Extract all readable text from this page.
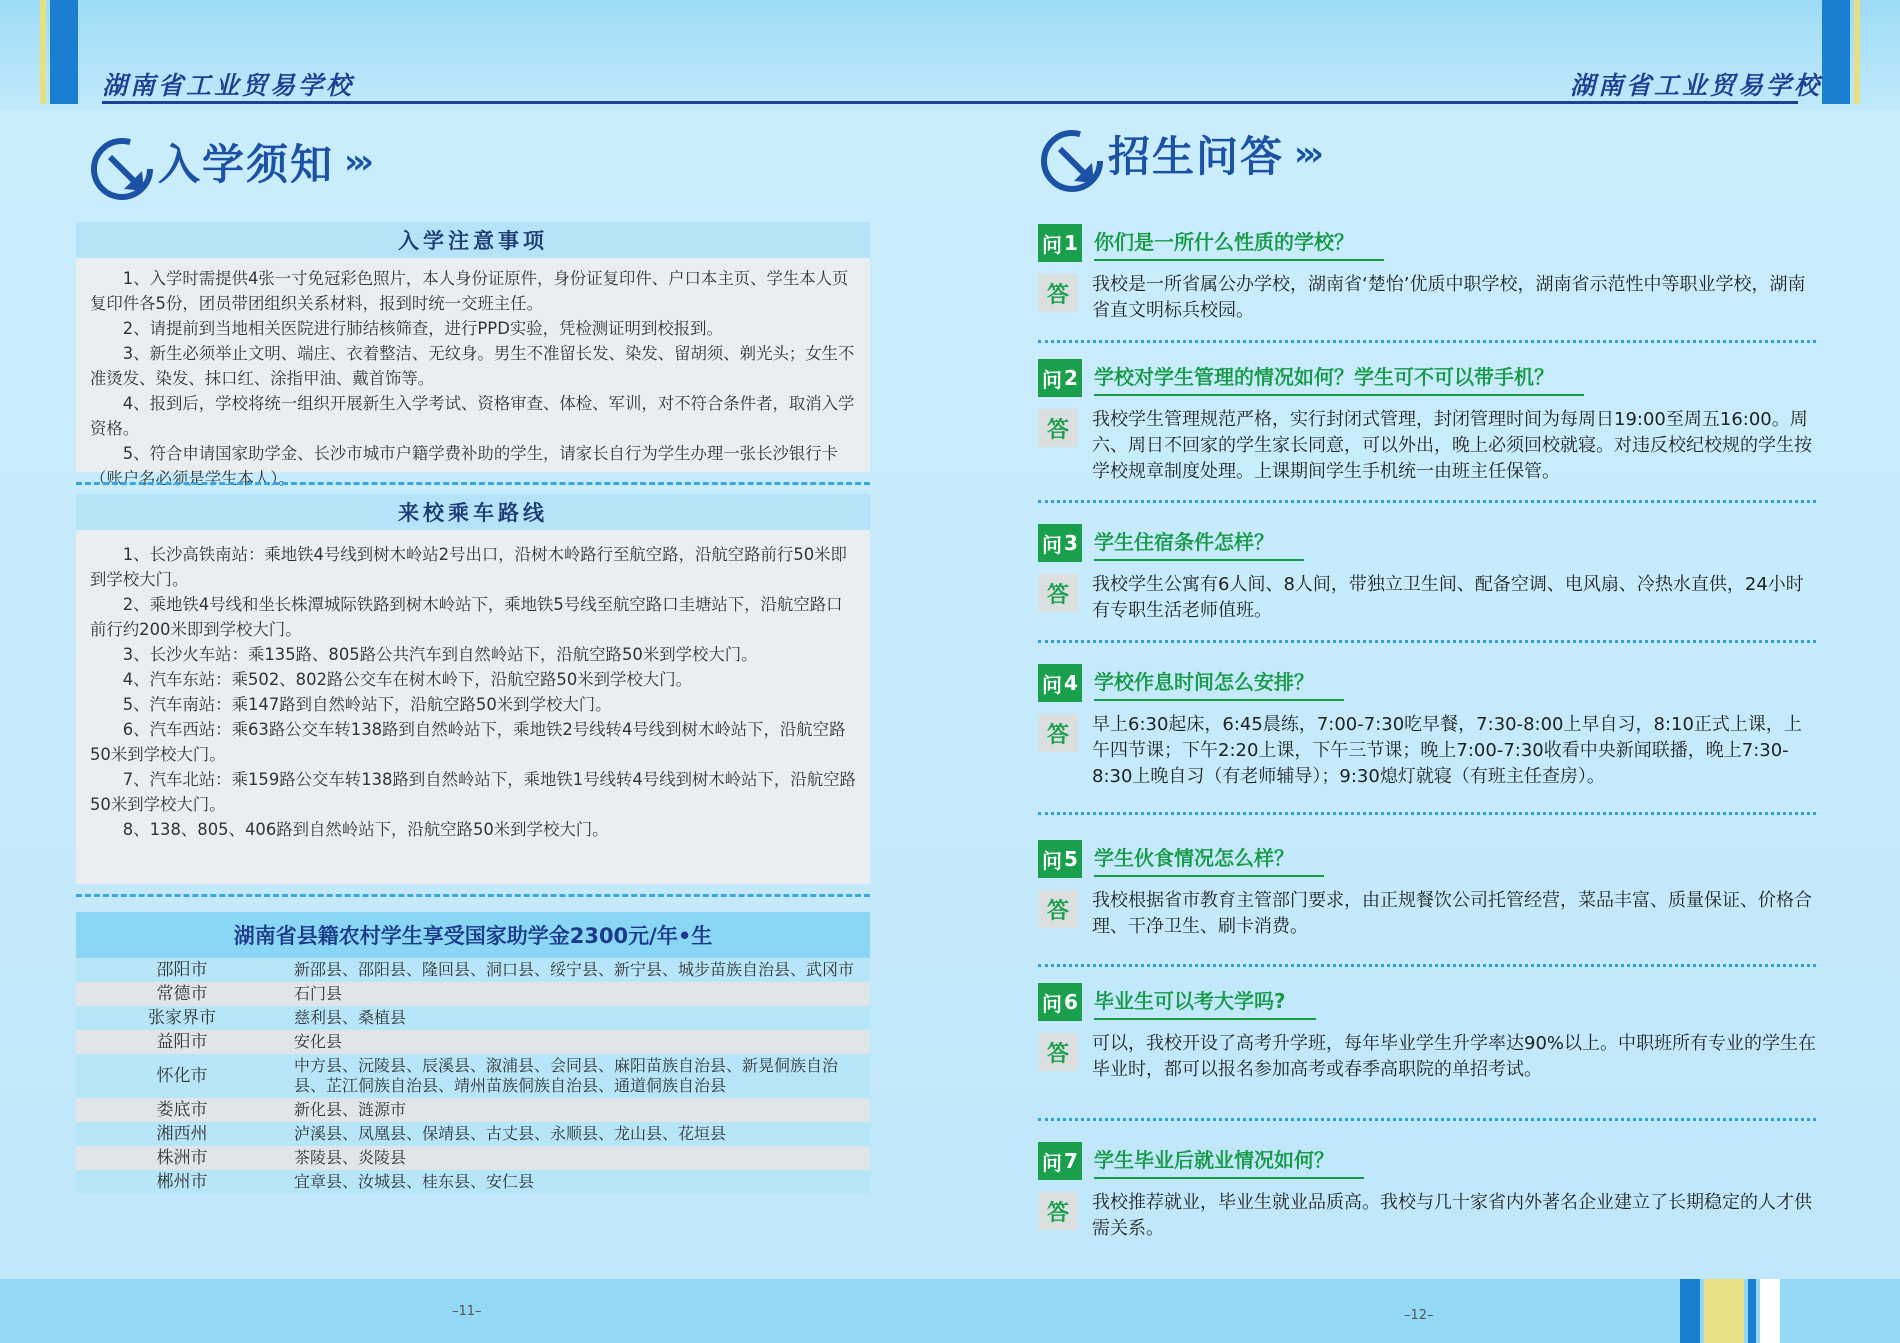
湖南省工业贸易学校
入学须知 ›››
入学注意事项

1、入学时需提供4张一寸免冠彩色照片，本人身份证原件，身份证复印件、户口本主页、学生本人页复印件各5份，团员带团组织关系材料，报到时统一交班主任。

2、请提前到当地相关医院进行肺结核筛查，进行PPD实验，凭检测证明到校报到。

3、新生必须举止文明、端庄、衣着整洁、无纹身。男生不准留长发、染发、留胡须、剃光头；女生不准烫发、染发、抹口红、涂指甲油、戴首饰等。

4、报到后，学校将统一组织开展新生入学考试、资格审查、体检、军训，对不符合条件者，取消入学资格。

5、符合申请国家助学金、长沙市城市户籍学费补助的学生，请家长自行为学生办理一张长沙银行卡（账户名必须是学生本人）。

来校乘车路线

1、长沙高铁南站：乘地铁4号线到树木岭站2号出口，沿树木岭路行至航空路，沿航空路前行50米即到学校大门。

2、乘地铁4号线和坐长株潭城际铁路到树木岭站下，乘地铁5号线至航空路口圭塘站下，沿航空路口前行约200米即到学校大门。

3、长沙火车站：乘135路、805路公共汽车到自然岭站下，沿航空路50米到学校大门。

4、汽车东站：乘502、802路公交车在树木岭下，沿航空路50米到学校大门。

5、汽车南站：乘147路到自然岭站下，沿航空路50米到学校大门。

6、汽车西站：乘63路公交车转138路到自然岭站下，乘地铁2号线转4号线到树木岭站下，沿航空路50米到学校大门。

7、汽车北站：乘159路公交车转138路到自然岭站下，乘地铁1号线转4号线到树木岭站下，沿航空路50米到学校大门。

8、138、805、406路到自然岭站下，沿航空路50米到学校大门。

湖南省县籍农村学生享受国家助学金2300元/年•生	
邵阳市	新邵县、邵阳县、隆回县、洞口县、绥宁县、新宁县、城步苗族自治县、武冈市
常德市	石门县
张家界市	慈利县、桑植县
益阳市	安化县
怀化市	中方县、沅陵县、辰溪县、溆浦县、会同县、麻阳苗族自治县、新晃侗族自治县、芷江侗族自治县、靖州苗族侗族自治县、通道侗族自治县
娄底市	新化县、涟源市
湘西州	泸溪县、凤凰县、保靖县、古丈县、永顺县、龙山县、花垣县
株洲市	茶陵县、炎陵县
郴州市	宜章县、汝城县、桂东县、安仁县
–11–
湖南省工业贸易学校
招生问答 ›››
–12–
问 1 你们是一所什么性质的学校？
答	我校是一所省属公办学校，湖南省‘楚怡’优质中职学校，湖南省示范性中等职业学校，湖南省直文明标兵校园。
问 2 学校对学生管理的情况如何？学生可不可以带手机？
答	我校学生管理规范严格，实行封闭式管理，封闭管理时间为每周日19:00至周五16:00。周六、周日不回家的学生家长同意，可以外出，晚上必须回校就寝。对违反校纪校规的学生按学校规章制度处理。上课期间学生手机统一由班主任保管。
问 3 学生住宿条件怎样？
答	我校学生公寓有6人间、8人间，带独立卫生间、配备空调、电风扇、冷热水直供，24小时有专职生活老师值班。
问 4 学校作息时间怎么安排？
答	早上6:30起床，6:45晨练，7:00-7:30吃早餐，7:30-8:00上早自习，8:10正式上课，上午四节课；下午2:20上课，下午三节课；晚上7:00-7:30收看中央新闻联播，晚上7:30-8:30上晚自习（有老师辅导）；9:30熄灯就寝（有班主任查房）。
问 5 学生伙食情况怎么样？
答	我校根据省市教育主管部门要求，由正规餐饮公司托管经营，菜品丰富、质量保证、价格合理、干净卫生、刷卡消费。
问 6 毕业生可以考大学吗?
答	可以，我校开设了高考升学班，每年毕业学生升学率达90%以上。中职班所有专业的学生在毕业时，都可以报名参加高考或春季高职院的单招考试。
问 7 学生毕业后就业情况如何？
答	我校推荐就业，毕业生就业品质高。我校与几十家省内外著名企业建立了长期稳定的人才供需关系。
